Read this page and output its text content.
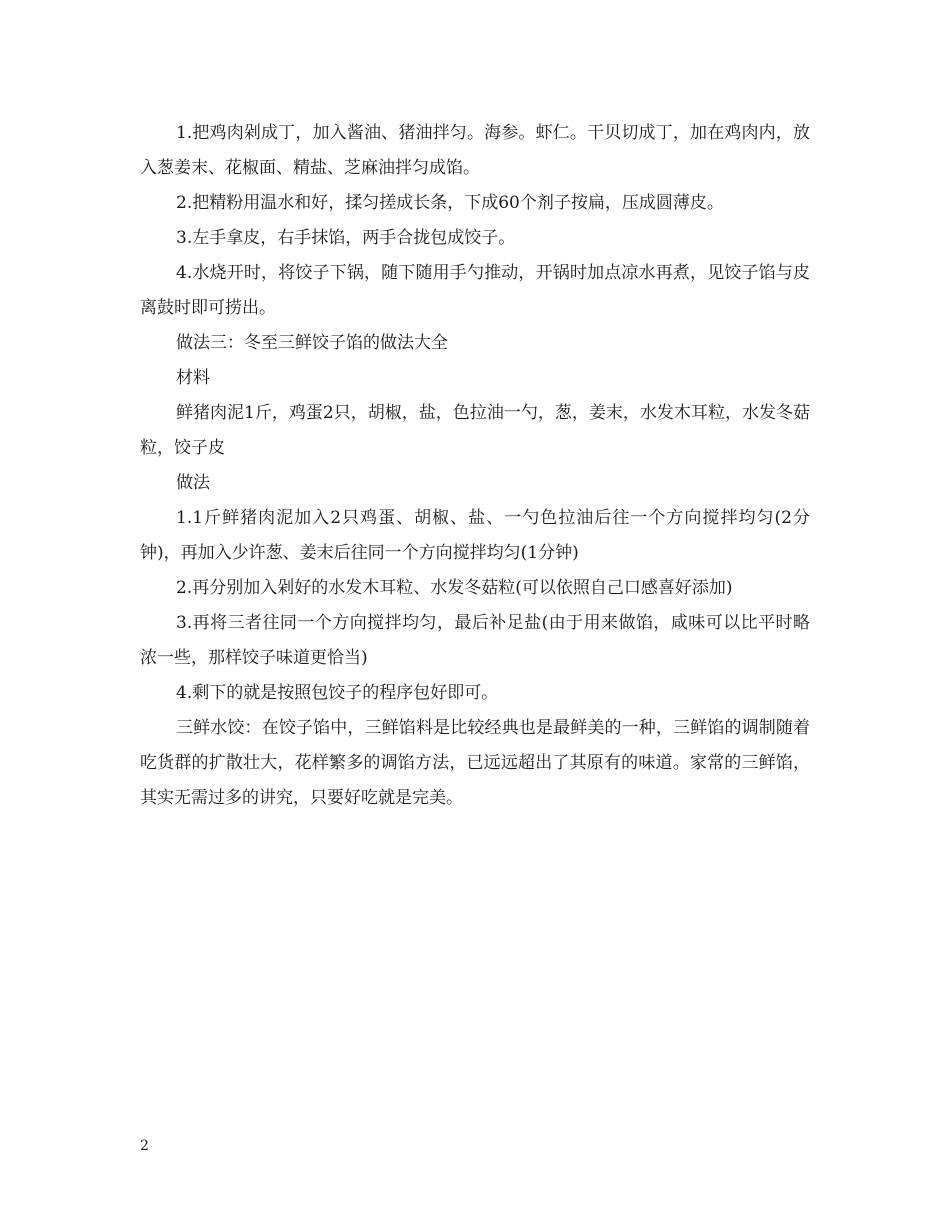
1.把鸡肉剁成丁，加入酱油、猪油拌匀。海参。虾仁。干贝切成丁，加在鸡肉内，放入葱姜末、花椒面、精盐、芝麻油拌匀成馅。

2.把精粉用温水和好，揉匀搓成长条，下成60个剂子按扁，压成圆薄皮。

3.左手拿皮，右手抹馅，两手合拢包成饺子。

4.水烧开时，将饺子下锅，随下随用手勺推动，开锅时加点凉水再煮，见饺子馅与皮离鼓时即可捞出。

做法三：冬至三鲜饺子馅的做法大全

材料

鲜猪肉泥1斤，鸡蛋2只，胡椒，盐，色拉油一勺，葱，姜末，水发木耳粒，水发冬菇粒，饺子皮

做法

1.1斤鲜猪肉泥加入2只鸡蛋、胡椒、盐、一勺色拉油后往一个方向搅拌均匀(2分钟)，再加入少许葱、姜末后往同一个方向搅拌均匀(1分钟)

2.再分别加入剁好的水发木耳粒、水发冬菇粒(可以依照自己口感喜好添加)

3.再将三者往同一个方向搅拌均匀，最后补足盐(由于用来做馅，咸味可以比平时略浓一些，那样饺子味道更恰当)

4.剩下的就是按照包饺子的程序包好即可。

三鲜水饺：在饺子馅中，三鲜馅料是比较经典也是最鲜美的一种，三鲜馅的调制随着吃货群的扩散壮大，花样繁多的调馅方法，已远远超出了其原有的味道。家常的三鲜馅，其实无需过多的讲究，只要好吃就是完美。

2
